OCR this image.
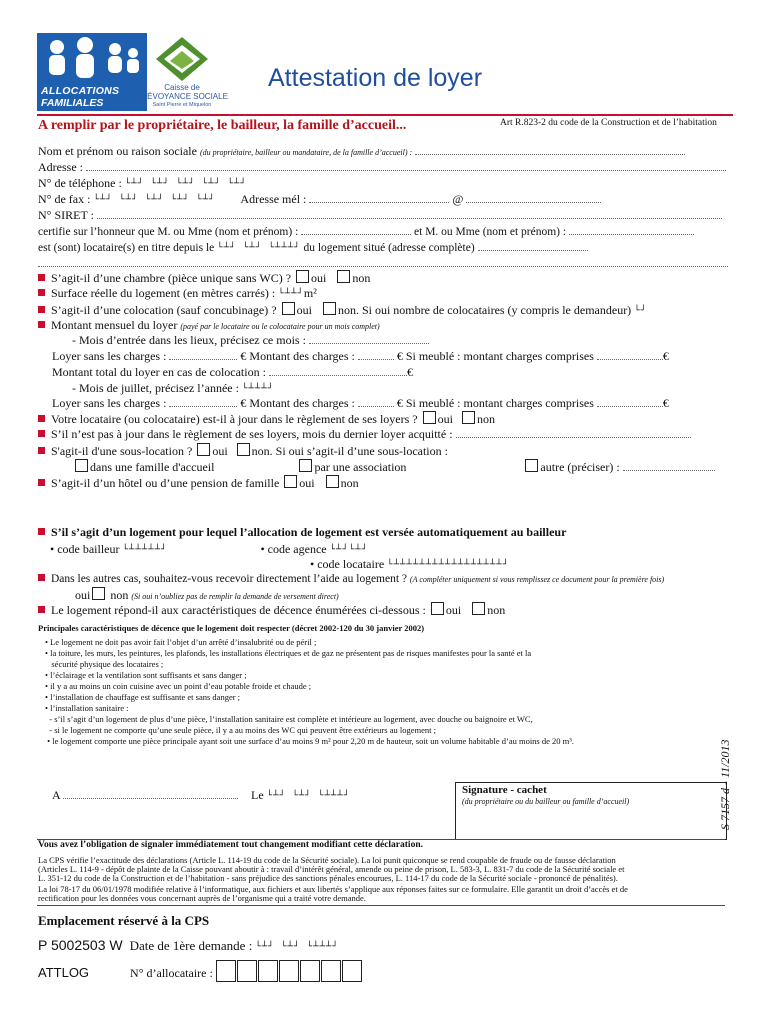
ALLOCATIONS
FAMILIALES
Caisse de
PRÉVOYANCE SOCIALE
Saint Pierre et Miquelon
Attestation de loyer
A remplir par le propriétaire, le bailleur, la famille d’accueil...	Art R.823-2 du code de la Construction et de l’habitation
Nom et prénom ou raison sociale (du propriétaire, bailleur ou mandataire, de la famille d’accueil) :
Adresse :
N° de téléphone : └┴┘ └┴┘ └┴┘ └┴┘ └┴┘
N° de fax : └┴┘ └┴┘ └┴┘ └┴┘ └┴┘ Adresse mél :	@
N° SIRET :
certifie sur l’honneur que M. ou Mme (nom et prénom) :	et M. ou Mme (nom et prénom) :
est (sont) locataire(s) en titre depuis le └┴┘ └┴┘ └┴┴┴┘ du logement situé (adresse complète)
S’agit-il d’une chambre (pièce unique sans WC) ? oui non
Surface réelle du logement (en mètres carrés) : └┴┴┘m²
S’agit-il d’une colocation (sauf concubinage) ? oui non. Si oui nombre de colocataires (y compris le demandeur) └┘
Montant mensuel du loyer (payé par le locataire ou le colocataire pour un mois complet)
- Mois d’entrée dans les lieux, précisez ce mois :
Loyer sans les charges :	€ Montant des charges :	€ Si meublé : montant charges comprises	€
Montant total du loyer en cas de colocation :	€
- Mois de juillet, précisez l’année : └┴┴┴┘
Loyer sans les charges :	€ Montant des charges :	€ Si meublé : montant charges comprises	€
Votre locataire (ou colocataire) est-il à jour dans le règlement de ses loyers ? oui non
S’il n’est pas à jour dans le règlement de ses loyers, mois du dernier loyer acquitté :
S'agit-il d'une sous-location ? oui non. Si oui s’agit-il d’une sous-location :
dans une famille d'accueil	par une association	autre (préciser) :
S’agit-il d’un hôtel ou d’une pension de famille oui non
S’il s’agit d’un logement pour lequel l’allocation de logement est versée automatiquement au bailleur
• code bailleur └┴┴┴┴┴┘	• code agence └┴┘└┴┘
• code locataire └┴┴┴┴┴┴┴┴┴┴┴┴┴┴┴┴┴┘
Dans les autres cas, souhaitez-vous recevoir directement l’aide au logement ? (A compléter uniquement si vous remplissez ce document pour la première fois)
oui non (Si oui n’oubliez pas de remplir la demande de versement direct)
Le logement répond-il aux caractéristiques de décence énumérées ci-dessous : oui non
Principales caractéristiques de décence que le logement doit respecter (décret 2002-120 du 30 janvier 2002)
• Le logement ne doit pas avoir fait l’objet d’un arrêté d’insalubrité ou de péril ;
• la toiture, les murs, les peintures, les plafonds, les installations électriques et de gaz ne présentent pas de risques manifestes pour la santé et la
sécurité physique des locataires ;
• l’éclairage et la ventilation sont suffisants et sans danger ;
• il y a au moins un coin cuisine avec un point d’eau potable froide et chaude ;
• l’installation de chauffage est suffisante et sans danger ;
• l’installation sanitaire :
- s’il s’agit d’un logement de plus d’une pièce, l’installation sanitaire est complète et intérieure au logement, avec douche ou baignoire et WC,
- si le logement ne comporte qu’une seule pièce, il y a au moins des WC qui peuvent être extérieurs au logement ;
• le logement comporte une pièce principale ayant soit une surface d’au moins 9 m² pour 2,20 m de hauteur, soit un volume habitable d’au moins de 20 m³.	S 7157 d - 11/2013
A	Le └┴┘ └┴┘ └┴┴┴┘	Signature - cachet
(du propriétaire ou du bailleur ou famille d’accueil)
Vous avez l’obligation de signaler immédiatement tout changement modifiant cette déclaration.
La CPS vérifie l’exactitude des déclarations (Article L. 114-19 du code de la Sécurité sociale). La loi punit quiconque se rend coupable de fraude ou de fausse déclaration
(Articles L. 114-9 - dépôt de plainte de la Caisse pouvant aboutir à : travail d’intérêt général, amende ou peine de prison, L. 583-3, L. 831-7 du code de la Sécurité sociale et
L. 351-12 du code de la Construction et de l’habitation - sans préjudice des sanctions pénales encourues, L. 114-17 du code de la Sécurité sociale - prononcé de pénalités).
La loi 78-17 du 06/01/1978 modifiée relative à l’informatique, aux fichiers et aux libertés s’applique aux réponses faites sur ce formulaire. Elle garantit un droit d’accès et de
rectification pour les données vous concernant auprès de l’organisme qui a traité votre demande.
Emplacement réservé à la CPS
P 5002503 W Date de 1ère demande : └┴┘ └┴┘ └┴┴┴┘
ATTLOG	N° d’allocataire :
